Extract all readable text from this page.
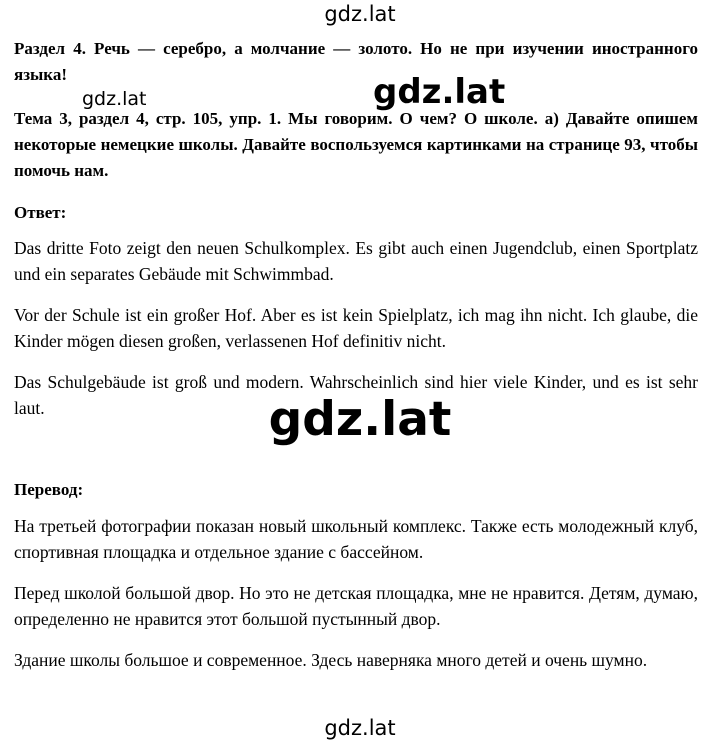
gdz.lat

Раздел 4. Речь — серебро, а молчание — золото. Но не при изучении иностранного языка!

Тема 3, раздел 4, стр. 105, упр. 1. Мы говорим. О чем? О школе. а) Давайте опишем некоторые немецкие школы. Давайте воспользуемся картинками на странице 93, чтобы помочь нам.

gdz.lat	gdz.lat

Ответ:

Das dritte Foto zeigt den neuen Schulkomplex. Es gibt auch einen Jugendclub, einen Sportplatz und ein separates Gebäude mit Schwimmbad.

Vor der Schule ist ein großer Hof. Aber es ist kein Spielplatz, ich mag ihn nicht. Ich glaube, die Kinder mögen diesen großen, verlassenen Hof definitiv nicht.

Das Schulgebäude ist groß und modern. Wahrscheinlich sind hier viele Kinder, und es ist sehr laut.	gdz.lat

Перевод:

На третьей фотографии показан новый школьный комплекс. Также есть молодежный клуб, спортивная площадка и отдельное здание с бассейном.

Перед школой большой двор. Но это не детская площадка, мне не нравится. Детям, думаю, определенно не нравится этот большой пустынный двор.

Здание школы большое и современное. Здесь наверняка много детей и очень шумно.

gdz.lat
